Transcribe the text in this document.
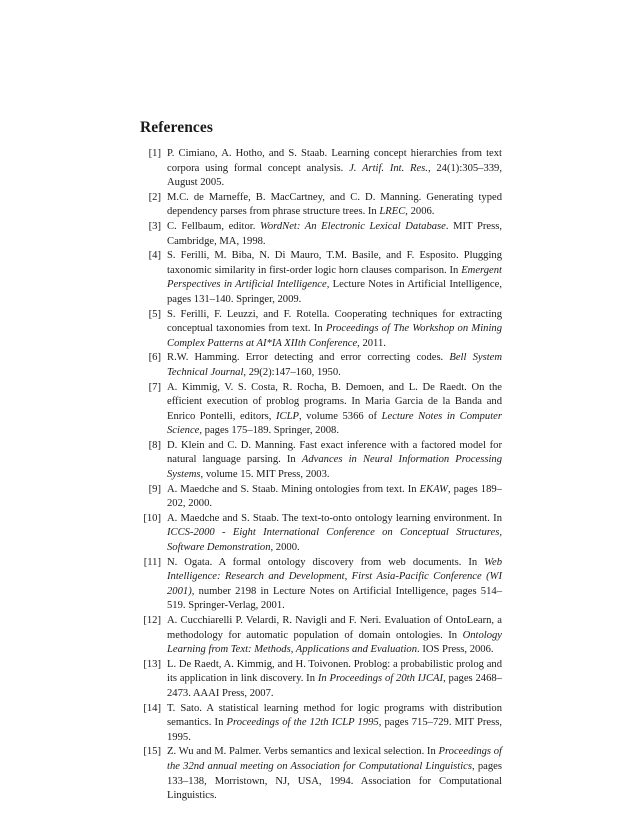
References
[1] P. Cimiano, A. Hotho, and S. Staab. Learning concept hierarchies from text corpora using formal concept analysis. J. Artif. Int. Res., 24(1):305–339, August 2005.
[2] M.C. de Marneffe, B. MacCartney, and C. D. Manning. Generating typed dependency parses from phrase structure trees. In LREC, 2006.
[3] C. Fellbaum, editor. WordNet: An Electronic Lexical Database. MIT Press, Cambridge, MA, 1998.
[4] S. Ferilli, M. Biba, N. Di Mauro, T.M. Basile, and F. Esposito. Plugging taxonomic similarity in first-order logic horn clauses comparison. In Emergent Perspectives in Artificial Intelligence, Lecture Notes in Artificial Intelligence, pages 131–140. Springer, 2009.
[5] S. Ferilli, F. Leuzzi, and F. Rotella. Cooperating techniques for extracting conceptual taxonomies from text. In Proceedings of The Workshop on Mining Complex Patterns at AI*IA XIIth Conference, 2011.
[6] R.W. Hamming. Error detecting and error correcting codes. Bell System Technical Journal, 29(2):147–160, 1950.
[7] A. Kimmig, V. S. Costa, R. Rocha, B. Demoen, and L. De Raedt. On the efficient execution of problog programs. In Maria Garcia de la Banda and Enrico Pontelli, editors, ICLP, volume 5366 of Lecture Notes in Computer Science, pages 175–189. Springer, 2008.
[8] D. Klein and C. D. Manning. Fast exact inference with a factored model for natural language parsing. In Advances in Neural Information Processing Systems, volume 15. MIT Press, 2003.
[9] A. Maedche and S. Staab. Mining ontologies from text. In EKAW, pages 189–202, 2000.
[10] A. Maedche and S. Staab. The text-to-onto ontology learning environment. In ICCS-2000 - Eight International Conference on Conceptual Structures, Software Demonstration, 2000.
[11] N. Ogata. A formal ontology discovery from web documents. In Web Intelligence: Research and Development, First Asia-Pacific Conference (WI 2001), number 2198 in Lecture Notes on Artificial Intelligence, pages 514–519. Springer-Verlag, 2001.
[12] A. Cucchiarelli P. Velardi, R. Navigli and F. Neri. Evaluation of OntoLearn, a methodology for automatic population of domain ontologies. In Ontology Learning from Text: Methods, Applications and Evaluation. IOS Press, 2006.
[13] L. De Raedt, A. Kimmig, and H. Toivonen. Problog: a probabilistic prolog and its application in link discovery. In In Proceedings of 20th IJCAI, pages 2468–2473. AAAI Press, 2007.
[14] T. Sato. A statistical learning method for logic programs with distribution semantics. In Proceedings of the 12th ICLP 1995, pages 715–729. MIT Press, 1995.
[15] Z. Wu and M. Palmer. Verbs semantics and lexical selection. In Proceedings of the 32nd annual meeting on Association for Computational Linguistics, pages 133–138, Morristown, NJ, USA, 1994. Association for Computational Linguistics.
